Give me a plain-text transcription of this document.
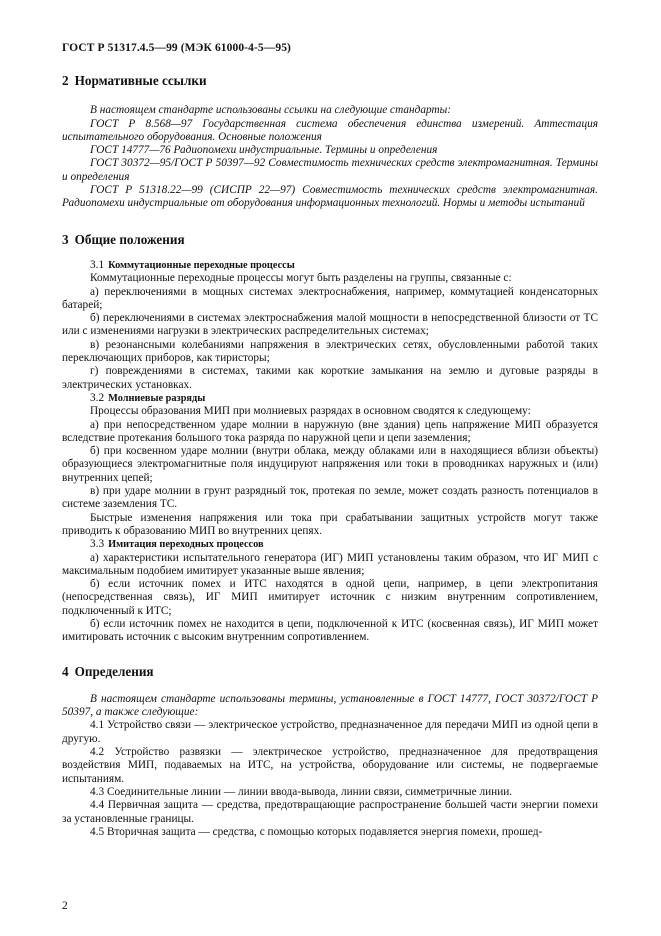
ГОСТ Р 51317.4.5—99 (МЭК 61000-4-5—95)
2 Нормативные ссылки

В настоящем стандарте использованы ссылки на следующие стандарты:

ГОСТ Р 8.568—97 Государственная система обеспечения единства измерений. Аттестация испытательного оборудования. Основные положения

ГОСТ 14777—76 Радиопомехи индустриальные. Термины и определения

ГОСТ 30372—95/ГОСТ Р 50397—92 Совместимость технических средств электромагнитная. Термины и определения

ГОСТ Р 51318.22—99 (СИСПР 22—97) Совместимость технических средств электромагнитная. Радиопомехи индустриальные от оборудования информационных технологий. Нормы и методы испытаний

3 Общие положения

3.1 Коммутационные переходные процессы

Коммутационные переходные процессы могут быть разделены на группы, связанные с:

а) переключениями в мощных системах электроснабжения, например, коммутацией конденсаторных батарей;

б) переключениями в системах электроснабжения малой мощности в непосредственной близости от ТС или с изменениями нагрузки в электрических распределительных системах;

в) резонансными колебаниями напряжения в электрических сетях, обусловленными работой таких переключающих приборов, как тиристоры;

г) повреждениями в системах, такими как короткие замыкания на землю и дуговые разряды в электрических установках.

3.2 Молниевые разряды

Процессы образования МИП при молниевых разрядах в основном сводятся к следующему:

а) при непосредственном ударе молнии в наружную (вне здания) цепь напряжение МИП образуется вследствие протекания большого тока разряда по наружной цепи и цепи заземления;

б) при косвенном ударе молнии (внутри облака, между облаками или в находящиеся вблизи объекты) образующиеся электромагнитные поля индуцируют напряжения или токи в проводниках наружных и (или) внутренних цепей;

в) при ударе молнии в грунт разрядный ток, протекая по земле, может создать разность потенциалов в системе заземления ТС.

Быстрые изменения напряжения или тока при срабатывании защитных устройств могут также приводить к образованию МИП во внутренних цепях.

3.3 Имитация переходных процессов

а) характеристики испытательного генератора (ИГ) МИП установлены таким образом, что ИГ МИП с максимальным подобием имитирует указанные выше явления;

б) если источник помех и ИТС находятся в одной цепи, например, в цепи электропитания (непосредственная связь), ИГ МИП имитирует источник с низким внутренним сопротивлением, подключенный к ИТС;

б) если источник помех не находится в цепи, подключенной к ИТС (косвенная связь), ИГ МИП может имитировать источник с высоким внутренним сопротивлением.

4 Определения

В настоящем стандарте использованы термины, установленные в ГОСТ 14777, ГОСТ 30372/ГОСТ Р 50397, а также следующие:

4.1 Устройство связи — электрическое устройство, предназначенное для передачи МИП из одной цепи в другую.

4.2 Устройство развязки — электрическое устройство, предназначенное для предотвращения воздействия МИП, подаваемых на ИТС, на устройства, оборудование или системы, не подвергаемые испытаниям.

4.3 Соединительные линии — линии ввода-вывода, линии связи, симметричные линии.

4.4 Первичная защита — средства, предотвращающие распространение большей части энергии помехи за установленные границы.

4.5 Вторичная защита — средства, с помощью которых подавляется энергия помехи, прошед-

2
